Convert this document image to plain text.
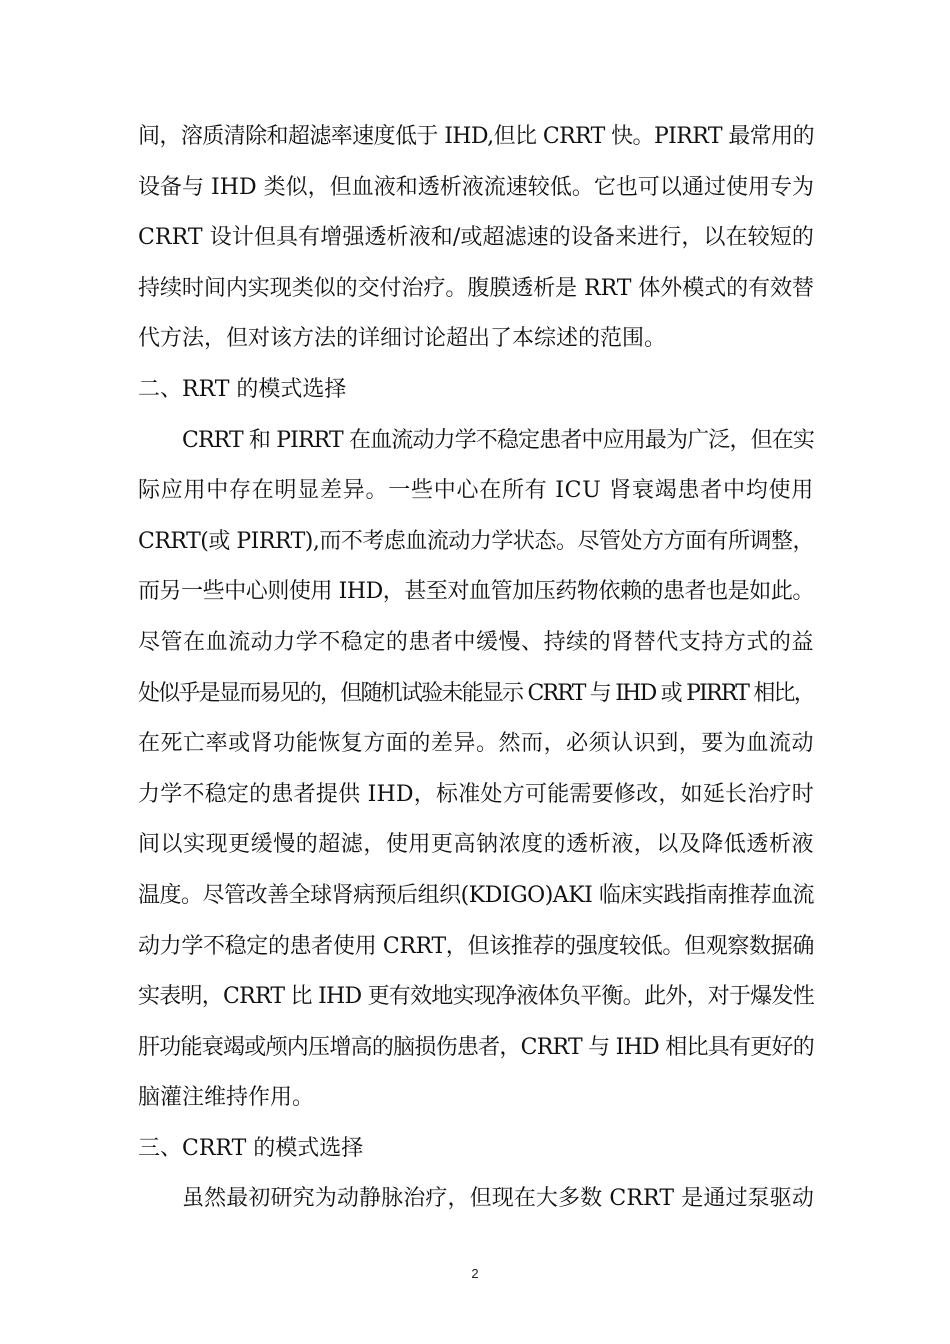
间，溶质清除和超滤率速度低于 IHD,但比 CRRT 快。PIRRT 最常用的
设备与 IHD 类似，但血液和透析液流速较低。它也可以通过使用专为
CRRT 设计但具有增强透析液和/或超滤速的设备来进行，以在较短的
持续时间内实现类似的交付治疗。腹膜透析是 RRT 体外模式的有效替
代方法，但对该方法的详细讨论超出了本综述的范围。
二、RRT 的模式选择
CRRT 和 PIRRT 在血流动力学不稳定患者中应用最为广泛，但在实
际应用中存在明显差异。一些中心在所有 ICU 肾衰竭患者中均使用
CRRT(或 PIRRT),而不考虑血流动力学状态。尽管处方方面有所调整，
而另一些中心则使用 IHD，甚至对血管加压药物依赖的患者也是如此。
尽管在血流动力学不稳定的患者中缓慢、持续的肾替代支持方式的益
处似乎是显而易见的，但随机试验未能显示 CRRT 与 IHD 或 PIRRT 相比，
在死亡率或肾功能恢复方面的差异。然而，必须认识到，要为血流动
力学不稳定的患者提供 IHD，标准处方可能需要修改，如延长治疗时
间以实现更缓慢的超滤，使用更高钠浓度的透析液，以及降低透析液
温度。尽管改善全球肾病预后组织(KDIGO)AKI 临床实践指南推荐血流
动力学不稳定的患者使用 CRRT，但该推荐的强度较低。但观察数据确
实表明，CRRT 比 IHD 更有效地实现净液体负平衡。此外，对于爆发性
肝功能衰竭或颅内压增高的脑损伤患者，CRRT 与 IHD 相比具有更好的
脑灌注维持作用。
三、CRRT 的模式选择
虽然最初研究为动静脉治疗，但现在大多数 CRRT 是通过泵驱动
2
